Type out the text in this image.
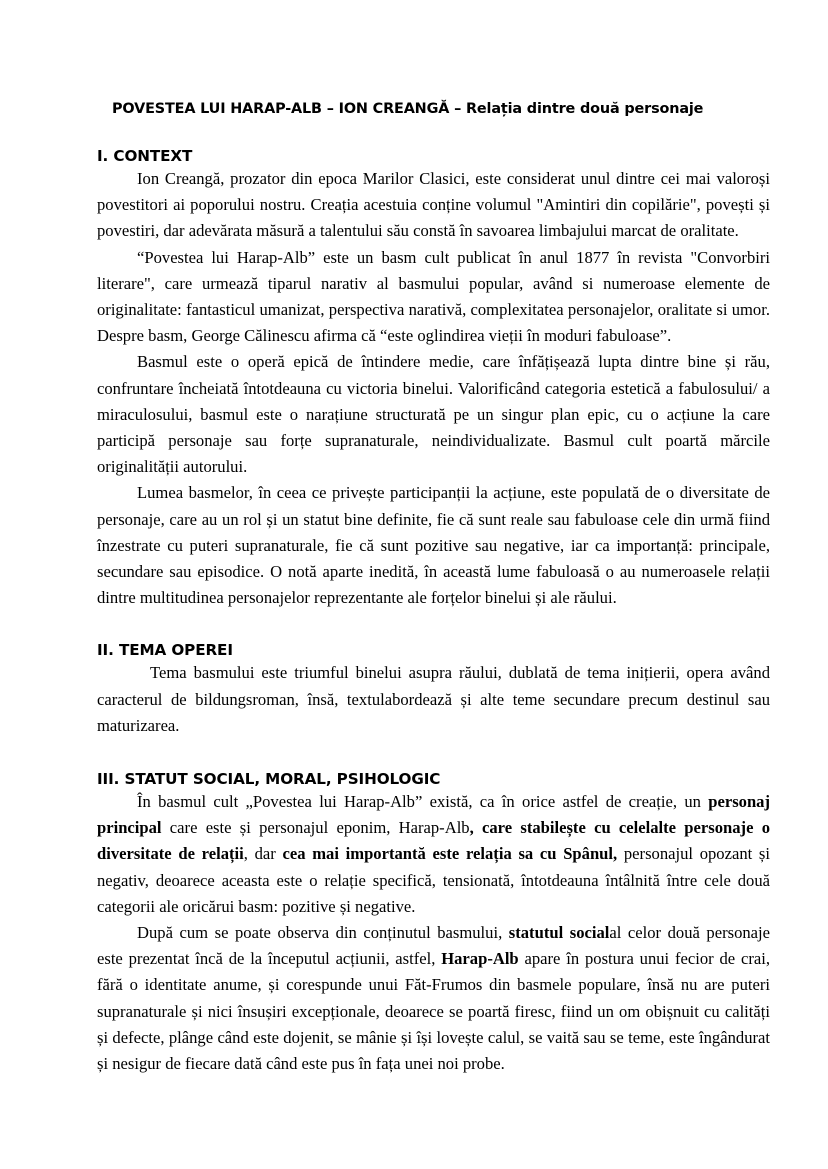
POVESTEA LUI HARAP-ALB – ION CREANGĂ – Relația dintre două personaje
I. CONTEXT

Ion Creangă, prozator din epoca Marilor Clasici, este considerat unul dintre cei mai valoroși povestitori ai poporului nostru. Creația acestuia conține volumul "Amintiri din copilărie", povești și povestiri, dar adevărata măsură a talentului său constă în savoarea limbajului marcat de oralitate.

“Povestea lui Harap-Alb” este un basm cult publicat în anul 1877 în revista "Convorbiri literare", care urmează tiparul narativ al basmului popular, având si numeroase elemente de originalitate: fantasticul umanizat, perspectiva narativă, complexitatea personajelor, oralitate si umor. Despre basm, George Călinescu afirma că “este oglindirea vieții în moduri fabuloase”.

Basmul este o operă epică de întindere medie, care înfățișează lupta dintre bine și rău, confruntare încheiată întotdeauna cu victoria binelui. Valorificând categoria estetică a fabulosului/ a miraculosului, basmul este o narațiune structurată pe un singur plan epic, cu o acțiune la care participă personaje sau forțe supranaturale, neindividualizate. Basmul cult poartă mărcile originalității autorului.

Lumea basmelor, în ceea ce privește participanții la acțiune, este populată de o diversitate de personaje, care au un rol și un statut bine definite, fie că sunt reale sau fabuloase cele din urmă fiind înzestrate cu puteri supranaturale, fie că sunt pozitive sau negative, iar ca importanță: principale, secundare sau episodice. O notă aparte inedită, în această lume fabuloasă o au numeroasele relații dintre multitudinea personajelor reprezentante ale forțelor binelui și ale răului.

II. TEMA OPEREI

Tema basmului este triumful binelui asupra răului, dublată de tema inițierii, opera având caracterul de bildungsroman, însă, textulabordează și alte teme secundare precum destinul sau maturizarea.

III. STATUT SOCIAL, MORAL, PSIHOLOGIC

În basmul cult „Povestea lui Harap-Alb” există, ca în orice astfel de creație, un personaj principal care este și personajul eponim, Harap-Alb, care stabilește cu celelalte personaje o diversitate de relații, dar cea mai importantă este relația sa cu Spânul, personajul opozant și negativ, deoarece aceasta este o relație specifică, tensionată, întotdeauna întâlnită între cele două categorii ale oricărui basm: pozitive și negative.

După cum se poate observa din conținutul basmului, statutul socialal celor două personaje este prezentat încă de la începutul acțiunii, astfel, Harap-Alb apare în postura unui fecior de crai, fără o identitate anume, și corespunde unui Făt-Frumos din basmele populare, însă nu are puteri supranaturale și nici însușiri excepționale, deoarece se poartă firesc, fiind un om obișnuit cu calități și defecte, plânge când este dojenit, se mânie și își lovește calul, se vaită sau se teme, este îngândurat și nesigur de fiecare dată când este pus în fața unei noi probe.
